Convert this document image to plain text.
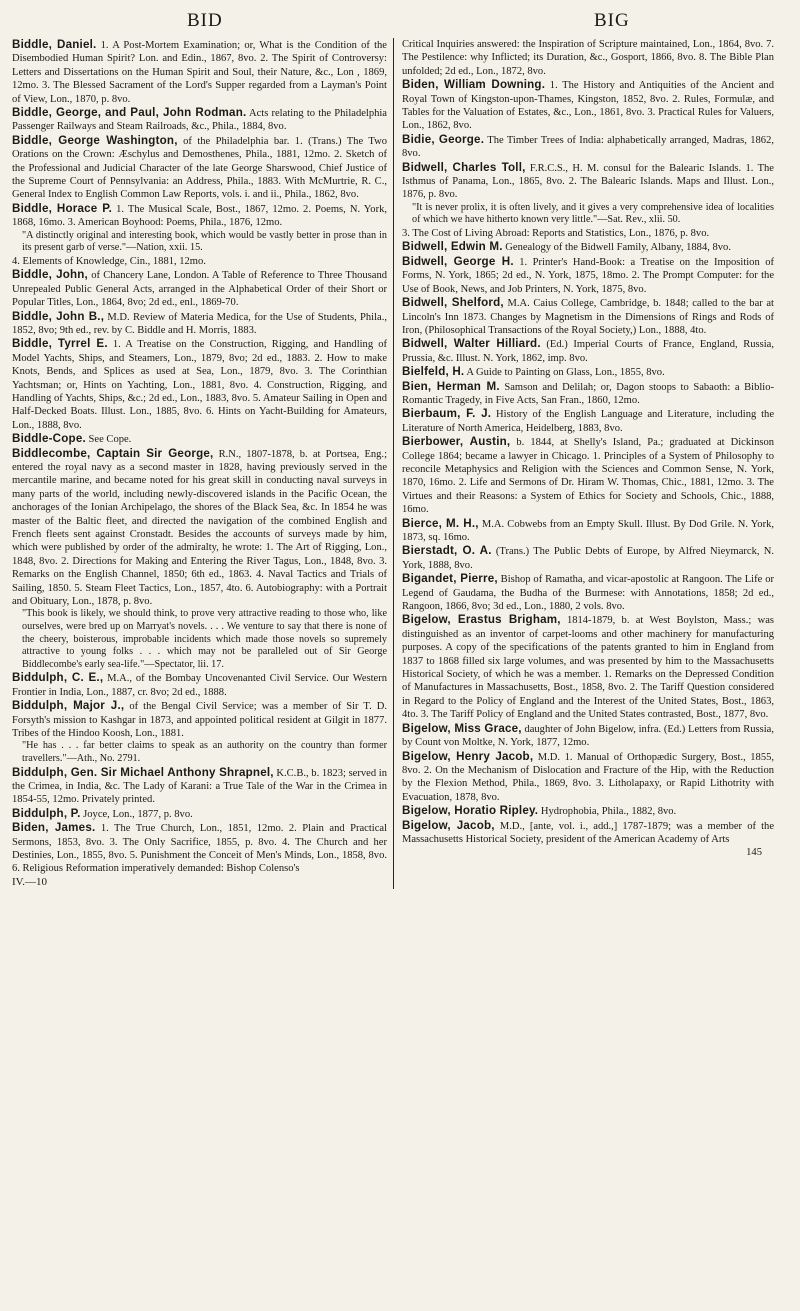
BID	BIG

Biddle, Daniel. 1. A Post-Mortem Examination; or, What is the Condition of the Disembodied Human Spirit? Lon. and Edin., 1867, 8vo. 2. The Spirit of Controversy: Letters and Dissertations on the Human Spirit and Soul, their Nature, &c., Lon , 1869, 12mo. 3. The Blessed Sacrament of the Lord's Supper regarded from a Layman's Point of View, Lon., 1870, p. 8vo.

Biddle, George, and Paul, John Rodman. Acts relating to the Philadelphia Passenger Railways and Steam Railroads, &c., Phila., 1884, 8vo.

Biddle, George Washington, of the Philadelphia bar. 1. (Trans.) The Two Orations on the Crown: Æschylus and Demosthenes, Phila., 1881, 12mo. 2. Sketch of the Professional and Judicial Character of the late George Sharswood, Chief Justice of the Supreme Court of Pennsylvania: an Address, Phila., 1883. With McMurtrie, R. C., General Index to English Common Law Reports, vols. i. and ii., Phila., 1862, 8vo.

Biddle, Horace P. 1. The Musical Scale, Bost., 1867, 12mo. 2. Poems, N. York, 1868, 16mo. 3. American Boyhood: Poems, Phila., 1876, 12mo.

"A distinctly original and interesting book, which would be vastly better in prose than in its present garb of verse."—Nation, xxii. 15.

4. Elements of Knowledge, Cin., 1881, 12mo.

Biddle, John, of Chancery Lane, London. A Table of Reference to Three Thousand Unrepealed Public General Acts, arranged in the Alphabetical Order of their Short or Popular Titles, Lon., 1864, 8vo; 2d ed., enl., 1869-70.

Biddle, John B., M.D. Review of Materia Medica, for the Use of Students, Phila., 1852, 8vo; 9th ed., rev. by C. Biddle and H. Morris, 1883.

Biddle, Tyrrel E. 1. A Treatise on the Construction, Rigging, and Handling of Model Yachts, Ships, and Steamers, Lon., 1879, 8vo; 2d ed., 1883. 2. How to make Knots, Bends, and Splices as used at Sea, Lon., 1879, 8vo. 3. The Corinthian Yachtsman; or, Hints on Yachting, Lon., 1881, 8vo. 4. Construction, Rigging, and Handling of Yachts, Ships, &c.; 2d ed., Lon., 1883, 8vo. 5. Amateur Sailing in Open and Half-Decked Boats. Illust. Lon., 1885, 8vo. 6. Hints on Yacht-Building for Amateurs, Lon., 1888, 8vo.

Biddle-Cope. See Cope.

Biddlecombe, Captain Sir George, R.N., 1807-1878, b. at Portsea, Eng.; entered the royal navy as a second master in 1828, having previously served in the mercantile marine, and became noted for his great skill in conducting naval surveys in many parts of the world, including newly-discovered islands in the Pacific Ocean, the anchorages of the Ionian Archipelago, the shores of the Black Sea, &c. In 1854 he was master of the Baltic fleet, and directed the navigation of the combined English and French fleets sent against Cronstadt. Besides the accounts of surveys made by him, which were published by order of the admiralty, he wrote: 1. The Art of Rigging, Lon., 1848, 8vo. 2. Directions for Making and Entering the River Tagus, Lon., 1848, 8vo. 3. Remarks on the English Channel, 1850; 6th ed., 1863. 4. Naval Tactics and Trials of Sailing, 1850. 5. Steam Fleet Tactics, Lon., 1857, 4to. 6. Autobiography: with a Portrait and Obituary, Lon., 1878, p. 8vo.

"This book is likely, we should think, to prove very attractive reading to those who, like ourselves, were bred up on Marryat's novels. . . . We venture to say that there is none of the cheery, boisterous, improbable incidents which made those novels so supremely attractive to young folks . . . which may not be paralleled out of Sir George Biddlecombe's early sea-life."—Spectator, lii. 17.

Biddulph, C. E., M.A., of the Bombay Uncovenanted Civil Service. Our Western Frontier in India, Lon., 1887, cr. 8vo; 2d ed., 1888.

Biddulph, Major J., of the Bengal Civil Service; was a member of Sir T. D. Forsyth's mission to Kashgar in 1873, and appointed political resident at Gilgit in 1877. Tribes of the Hindoo Koosh, Lon., 1881.

"He has . . . far better claims to speak as an authority on the country than former travellers."—Ath., No. 2791.

Biddulph, Gen. Sir Michael Anthony Shrapnel, K.C.B., b. 1823; served in the Crimea, in India, &c. The Lady of Karani: a True Tale of the War in the Crimea in 1854-55, 12mo. Privately printed.

Biddulph, P. Joyce, Lon., 1877, p. 8vo.

Biden, James. 1. The True Church, Lon., 1851, 12mo. 2. Plain and Practical Sermons, 1853, 8vo. 3. The Only Sacrifice, 1855, p. 8vo. 4. The Church and her Destinies, Lon., 1855, 8vo. 5. Punishment the Conceit of Men's Minds, Lon., 1858, 8vo. 6. Religious Reformation imperatively demanded: Bishop Colenso's

IV.—10

Critical Inquiries answered: the Inspiration of Scripture maintained, Lon., 1864, 8vo. 7. The Pestilence: why Inflicted; its Duration, &c., Gosport, 1866, 8vo. 8. The Bible Plan unfolded; 2d ed., Lon., 1872, 8vo.

Biden, William Downing. 1. The History and Antiquities of the Ancient and Royal Town of Kingston-upon-Thames, Kingston, 1852, 8vo. 2. Rules, Formulæ, and Tables for the Valuation of Estates, &c., Lon., 1861, 8vo. 3. Practical Rules for Valuers, Lon., 1862, 8vo.

Bidie, George. The Timber Trees of India: alphabetically arranged, Madras, 1862, 8vo.

Bidwell, Charles Toll, F.R.C.S., H. M. consul for the Balearic Islands. 1. The Isthmus of Panama, Lon., 1865, 8vo. 2. The Balearic Islands. Maps and Illust. Lon., 1876, p. 8vo.

"It is never prolix, it is often lively, and it gives a very comprehensive idea of localities of which we have hitherto known very little."—Sat. Rev., xlii. 50.

3. The Cost of Living Abroad: Reports and Statistics, Lon., 1876, p. 8vo.

Bidwell, Edwin M. Genealogy of the Bidwell Family, Albany, 1884, 8vo.

Bidwell, George H. 1. Printer's Hand-Book: a Treatise on the Imposition of Forms, N. York, 1865; 2d ed., N. York, 1875, 18mo. 2. The Prompt Computer: for the Use of Book, News, and Job Printers, N. York, 1875, 8vo.

Bidwell, Shelford, M.A. Caius College, Cambridge, b. 1848; called to the bar at Lincoln's Inn 1873. Changes by Magnetism in the Dimensions of Rings and Rods of Iron, (Philosophical Transactions of the Royal Society,) Lon., 1888, 4to.

Bidwell, Walter Hilliard. (Ed.) Imperial Courts of France, England, Russia, Prussia, &c. Illust. N. York, 1862, imp. 8vo.

Bielfeld, H. A Guide to Painting on Glass, Lon., 1855, 8vo.

Bien, Herman M. Samson and Delilah; or, Dagon stoops to Sabaoth: a Biblio-Romantic Tragedy, in Five Acts, San Fran., 1860, 12mo.

Bierbaum, F. J. History of the English Language and Literature, including the Literature of North America, Heidelberg, 1883, 8vo.

Bierbower, Austin, b. 1844, at Shelly's Island, Pa.; graduated at Dickinson College 1864; became a lawyer in Chicago. 1. Principles of a System of Philosophy to reconcile Metaphysics and Religion with the Sciences and Common Sense, N. York, 1870, 16mo. 2. Life and Sermons of Dr. Hiram W. Thomas, Chic., 1881, 12mo. 3. The Virtues and their Reasons: a System of Ethics for Society and Schools, Chic., 1888, 16mo.

Bierce, M. H., M.A. Cobwebs from an Empty Skull. Illust. By Dod Grile. N. York, 1873, sq. 16mo.

Bierstadt, O. A. (Trans.) The Public Debts of Europe, by Alfred Nieymarck, N. York, 1888, 8vo.

Bigandet, Pierre, Bishop of Ramatha, and vicar-apostolic at Rangoon. The Life or Legend of Gaudama, the Budha of the Burmese: with Annotations, 1858; 2d ed., Rangoon, 1866, 8vo; 3d ed., Lon., 1880, 2 vols. 8vo.

Bigelow, Erastus Brigham, 1814-1879, b. at West Boylston, Mass.; was distinguished as an inventor of carpet-looms and other machinery for manufacturing purposes. A copy of the specifications of the patents granted to him in England from 1837 to 1868 filled six large volumes, and was presented by him to the Massachusetts Historical Society, of which he was a member. 1. Remarks on the Depressed Condition of Manufactures in Massachusetts, Bost., 1858, 8vo. 2. The Tariff Question considered in Regard to the Policy of England and the Interest of the United States, Bost., 1863, 4to. 3. The Tariff Policy of England and the United States contrasted, Bost., 1877, 8vo.

Bigelow, Miss Grace, daughter of John Bigelow, infra. (Ed.) Letters from Russia, by Count von Moltke, N. York, 1877, 12mo.

Bigelow, Henry Jacob, M.D. 1. Manual of Orthopædic Surgery, Bost., 1855, 8vo. 2. On the Mechanism of Dislocation and Fracture of the Hip, with the Reduction by the Flexion Method, Phila., 1869, 8vo. 3. Litholapaxy, or Rapid Lithotrity with Evacuation, 1878, 8vo.

Bigelow, Horatio Ripley. Hydrophobia, Phila., 1882, 8vo.

Bigelow, Jacob, M.D., [ante, vol. i., add.,] 1787-1879; was a member of the Massachusetts Historical Society, president of the American Academy of Arts

145
